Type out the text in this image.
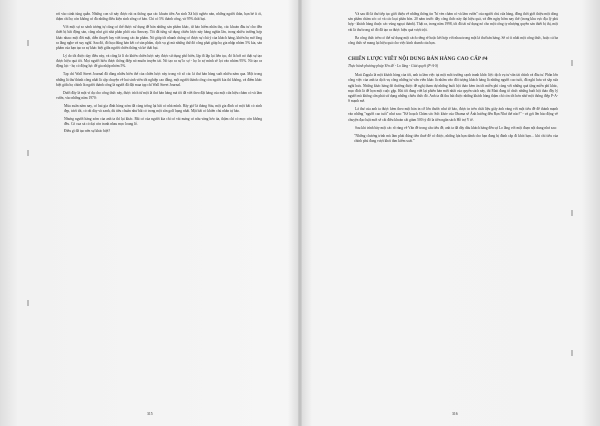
rơi vào cảnh túng quẫn. Những con số này được rút ra thông qua các khoản tiền An sinh Xã hội nghèo nàn, những người thân, bạn bè ít ỏi, thậm chí họ còn không có đủ những điều kiện sinh sống cơ bản. Chỉ có 5% thành công, và 95% thất bại.

Với một sự so sánh tương tự cũng có thể được sử dụng để bán những sản phẩm khác, từ bảo hiểm nhân thọ, các khoản đầu tư cho đến thiết bị bất động sản, cũng như gói nhà phân phối của Amway. Tôi đã từng sử dụng chiến lược này hàng nghìn lần, trong nhiều trường hợp khác nhau: một đời mặt, diễn thuyết hay viết trong các ấn phẩm. Nó giúp tôi nhanh chóng có được sự chú ý của khách hàng, khiến họ mở lòng ra lắng nghe và suy nghĩ. Sau đó, đó họa đúng bản kết cơ sản phẩm, dịch vụ gì mà những thứ đó công phải giúp họ gia nhập nhóm 5% kia, sản phẩm của bạn tạo ra sự khác biệt giữa người chiến thắng và kẻ thất bại.

Lý do tôi được dạy điều này, và cũng là lí do khiến chiến lược này được sử dụng phổ biến, lặp đi lặp lại liên tục, đó là bởi nó thật sự tạo được hiệu quả tốt. Mọi người hiểu được thông điệp nó muốn truyền tải. Nó tạo ra sự lo sợ - họ lo sợ mình sẽ lọt vào nhóm 95%. Nó tạo ra động lực - họ có động lực để gia nhập nhóm 5%.

Tạp chí Wall Street Journal đã dùng nhiều biến thể của chiến lược này trong vô số các lá thư bán hàng suốt nhiều năm qua. Một trong những lá thư thành công nhất là cặp chuyện về hai sinh viên tốt nghiệp cao đẳng, một người thành công còn người kia thì không, và điểm khác biệt giữa họ chính là người thành công là người đã đặt mua tạp chí Wall Street Journal.

Dưới đây là một ví dụ cho công thức này, được trích từ một lá thư bán hàng mà tôi đã viết theo đặt hàng của một cửa hiệu chăm có và làm vườn, vào những năm 1970:

Mùa xuân năm nay, có hai gia đình hàng xóm đã cùng trồng lại bãi cỏ nhà mình. Bây giờ là tháng Sáu, một gia đình có một bãi cỏ xinh đẹp, tươi tốt, cỏ rất dày và xanh, dù tiêu chuẩn như bãi cỏ trong một sân golf hạng nhất. Mặt bãi cỏ khiến chủ nhân tự hào.

Nhưng người hàng xóm của anh ta thì lại khác. Bãi cỏ của người kia chỉ có vài mảng cỏ nâu vàng héo úa, thậm chí có mọc còn không đều. Có cua xả cỏ dại còn tranh nhau mọc loang lổ.

Điều gì đã tạo nên sự khác biệt?

315

Và sau đó là thư tiếp tục giới thiệu về những thông tin "bí vẻn chăm có và làm vườn" của người chủ cửa hàng, đồng thời giới thiệu một dòng sản phẩm chăm sóc cỏ và các loại phân bón. 20 năm trước đây công thức này đạt hiệu quả, và đến ngày hôm nay thế (trong khu vực địa lý phù hợp - khách hàng thuộc các vùng ngoại thành). Thật ra, trong năm 1998, tôi đã tái sử dụng nó cho một công ty nhượng quyền sản thiết bị thị, một vài là thư trong số đó đã tạo ra được hiệu quả vượt trội.

Ba công thức trên có thể sử dụng một cách riêng rẽ hoặc kết hợp với nhau trong một lá thư bán hàng. Sẽ có ít nhất một công thức, hoặc cả ba công thức sẽ mang lại hiệu quả cho việc kinh doanh của bạn.

CHIẾN LƯỢC VIẾT NỘI DUNG BÁN HÀNG CAO CẤP #4
Thực hành phương pháp Yến để - Lo lắng - Giải quyết (P-A-S)

Matt Zagula là một khách hàng của tôi, anh ta làm việc tại một môi trường cạnh tranh khốc liệt: dịch vụ tư vấn tài chính và đầu tư. Phần lớn công việc của anh ta dịch vụ công những tư vấn viên khác là nhắm vào đối tượng khách hàng là những người cao tuổi, đã nghỉ hưu và sắp sửa nghỉ hưu. Những khác hàng đó thường được đề nghị tham dự những buổi hội thảo kèm ăn tối miễn phí cùng với những quà tặng miễn phí khác, mục đích là để họn một cuộc gặp. Khi tôi đang viết lại phiên bản mới nhất của quyển sách này, thì Matt đang tổ chức những buổi hội thảo đầy lý người mà không cần phải sử dụng những chiêu thức đó. Anh ta đã thu hút được những khách hàng thậm chí còn tốt hơn nhờ một thông điệp P-A-S mạnh mẽ.

Lá thư của anh ta được kèm theo một bản in cỡ lớn thước như tờ báo, được in trên chất liệu giấy ánh vàng với một tiêu đề đế thánh mạnh vào những "người cao tuổi" như sau: "Kế hoạch Chăm sóc Sức khỏe của Obama sẽ Ảnh hưởng đến Bạn Như thế nào?" - và gợi lên bảo động về chuyện đạo luật mới sẽ cắt điều khoản cắt giảm 500 tỷ đô la tiền ngân sách Hỗ trợ Y tế.

Sau khi trình bày một các rõ ràng về Vấn đề trong câu tiêu đề, anh ta đã dấy dấu khách hàng đến sự Lo lắng với một đoạn nội dung như sau:

"Những chương trình mà làm phải đúng tiền thuế để có được, những lựa bạn dành cho bạn đang bị đánh cắp đi khỏi bạn… khi chỉ tiêu của chính phủ đang vượt khỏi tầm kiểm soát."

316
